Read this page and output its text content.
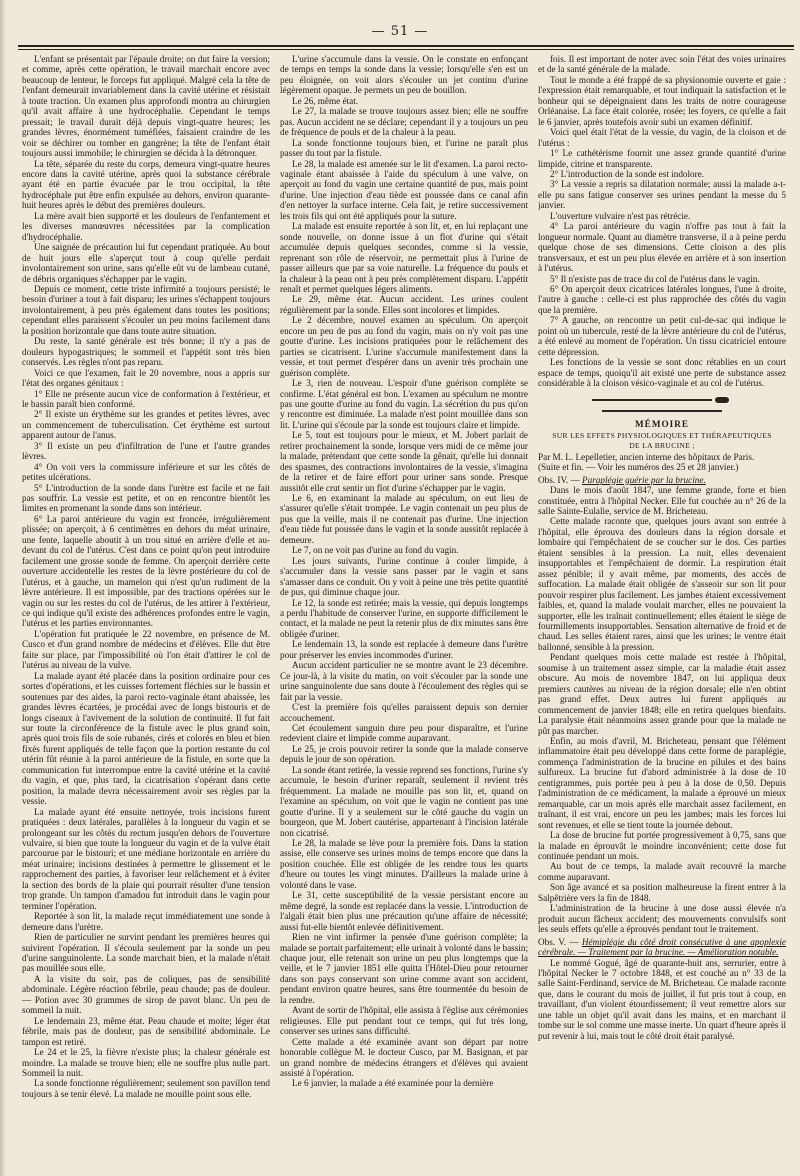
— 51 —

L'enfant se présentait par l'épaule droite; on dut faire la version; et comme, après cette opération, le travail marchait encore avec beaucoup de lenteur, le forceps fut appliqué. Malgré cela la tête de l'enfant demeurait invariablement dans la cavité utérine et résistait à toute traction. Un examen plus approfondi montra au chirurgien qu'il avait affaire à une hydrocéphalie. Cependant le temps pressait; le travail durait déjà depuis vingt-quatre heures; les grandes lèvres, énormément tuméfiées, faisaient craindre de les voir se déchirer ou tomber en gangrène; la tête de l'enfant était toujours aussi immobile; le chirurgien se décida à la détronquer.

La tête, séparée du reste du corps, demeura vingt-quatre heures encore dans la cavité utérine, après quoi la substance cérébrale ayant été en partie évacuée par le trou occipital, la tête hydrocéphale put être enfin expulsée au dehors, environ quarante-huit heures après le début des premières douleurs.

La mère avait bien supporté et les douleurs de l'enfantement et les diverses manœuvres nécessitées par la complication d'hydrocéphalie.

Une saignée de précaution lui fut cependant pratiquée. Au bout de huit jours elle s'aperçut tout à coup qu'elle perdait involontairement son urine, sans qu'elle eût vu de lambeau cutané, de débris organiques s'échapper par le vagin.

Depuis ce moment, cette triste infirmité a toujours persisté; le besoin d'uriner a tout à fait disparu; les urines s'échappent toujours involontairement, à peu près également dans toutes les positions; cependant elles paraissent s'écouler un peu moins facilement dans la position horizontale que dans toute autre situation.

Du reste, la santé générale est très bonne; il n'y a pas de douleurs hypogastriques; le sommeil et l'appétit sont très bien conservés. Les règles n'ont pas reparu.

Voici ce que l'examen, fait le 20 novembre, nous a appris sur l'état des organes génitaux :

1° Elle ne présente aucun vice de conformation à l'extérieur, et le bassin paraît bien conformé.

2° Il existe un érythème sur les grandes et petites lèvres, avec un commencement de tuberculisation. Cet érythème est surtout apparent autour de l'anus.

3° Il existe un peu d'infiltration de l'une et l'autre grandes lèvres.

4° On voit vers la commissure inférieure et sur les côtés de petites ulcérations.

5° L'introduction de la sonde dans l'urètre est facile et ne fait pas souffrir. La vessie est petite, et on en rencontre bientôt les limites en promenant la sonde dans son intérieur.

6° La paroi antérieure du vagin est froncée, irrégulièrement plissée; on aperçoit, à 6 centimètres en dehors du méat urinaire, une fente, laquelle aboutit à un trou situé en arrière d'elle et au-devant du col de l'utérus. C'est dans ce point qu'on peut introduire facilement une grosse sonde de femme. On aperçoit derrière cette ouverture accidentelle les restes de la lèvre postérieure du col de l'utérus, et à gauche, un mamelon qui n'est qu'un rudiment de la lèvre antérieure. Il est impossible, par des tractions opérées sur le vagin ou sur les restes du col de l'utérus, de les attirer à l'extérieur, ce qui indique qu'il existe des adhérences profondes entre le vagin, l'utérus et les parties environnantes.

L'opération fut pratiquée le 22 novembre, en présence de M. Cusco et d'un grand nombre de médecins et d'élèves. Elle dut être faite sur place, par l'impossibilité où l'on était d'attirer le col de l'utérus au niveau de la vulve.

La malade ayant été placée dans la position ordinaire pour ces sortes d'opérations, et les cuisses fortement fléchies sur le bassin et soutenues par des aides, la paroi recto-vaginale étant abaissée, les grandes lèvres écartées, je procédai avec de longs bistouris et de longs ciseaux à l'avivement de la solution de continuité. Il fut fait sur toute la circonférence de la fistule avec le plus grand soin, après quoi trois fils de soie rubanés, cirés et colorés en bleu et bien fixés furent appliqués de telle façon que la portion restante du col utérin fût réunie à la paroi antérieure de la fistule, en sorte que la communication fut interrompue entre la cavité utérine et la cavité du vagin, et que, plus tard, la cicatrisation s'opérant dans cette position, la malade devra nécessairement avoir ses règles par la vessie.

La malade ayant été ensuite nettoyée, trois incisions furent pratiquées : deux latérales, parallèles à la longueur du vagin et se prolongeant sur les côtés du rectum jusqu'en dehors de l'ouverture vulvaire, si bien que toute la longueur du vagin et de la vulve était parcourue par le bistouri; et une médiane horizontale en arrière du méat urinaire; incisions destinées à permettre le glissement et le rapprochement des parties, à favoriser leur relâchement et à éviter la section des bords de la plaie qui pourrait résulter d'une tension trop grande. Un tampon d'amadou fut introduit dans le vagin pour terminer l'opération.

Reportée à son lit, la malade reçut immédiatement une sonde à demeure dans l'urètre.

Rien de particulier ne survint pendant les premières heures qui suivirent l'opération. Il s'écoula seulement par la sonde un peu d'urine sanguinolente. La sonde marchait bien, et la malade n'était pas mouillée sous elle.

A la visite du soir, pas de coliques, pas de sensibilité abdominale. Légère réaction fébrile, peau chaude; pas de douleur. — Potion avec 30 grammes de sirop de pavot blanc. Un peu de sommeil la nuit.

Le lendemain 23, même état. Peau chaude et moite; léger état fébrile, mais pas de douleur, pas de sensibilité abdominale. Le tampon est retiré.

Le 24 et le 25, la fièvre n'existe plus; la chaleur générale est moindre. La malade se trouve bien; elle ne souffre plus nulle part. Sommeil la nuit.

La sonde fonctionne régulièrement; seulement son pavillon tend toujours à se tenir élevé. La malade ne mouille point sous elle.

L'urine s'accumule dans la vessie. On le constate en enfonçant de temps en temps la sonde dans la vessie; lorsqu'elle s'en est un peu éloignée, on voit alors s'écouler un jet continu d'urine légèrement opaque. Je permets un peu de bouillon.

Le 26, même état.

Le 27, la malade se trouve toujours assez bien; elle ne souffre pas. Aucun accident ne se déclare; cependant il y a toujours un peu de fréquence de pouls et de la chaleur à la peau.

La sonde fonctionne toujours bien, et l'urine ne paraît plus passer du tout par la fistule.

Le 28, la malade est amenée sur le lit d'examen. La paroi recto-vaginale étant abaissée à l'aide du spéculum à une valve, on aperçoit au fond du vagin une certaine quantité de pus, mais point d'urine. Une injection d'eau tiède est poussée dans ce canal afin d'en nettoyer la surface interne. Cela fait, je retire successivement les trois fils qui ont été appliqués pour la suture.

La malade est ensuite reportée à son lit, et, en lui replaçant une sonde nouvelle, on donne issue à un flot d'urine qui s'était accumulée depuis quelques secondes, comme si la vessie, reprenant son rôle de réservoir, ne permettait plus à l'urine de passer ailleurs que par sa voie naturelle. La fréquence du pouls et la chaleur à la peau ont à peu près complètement disparu. L'appétit renaît et permet quelques légers aliments.

Le 29, même état. Aucun accident. Les urines coulent régulièrement par la sonde. Elles sont incolores et limpides.

Le 2 décembre, nouvel examen au spéculum. On aperçoit encore un peu de pus au fond du vagin, mais on n'y voit pas une goutte d'urine. Les incisions pratiquées pour le relâchement des parties se cicatrisent. L'urine s'accumule manifestement dans la vessie, et tout permet d'espérer dans un avenir très prochain une guérison complète.

Le 3, rien de nouveau. L'espoir d'une guérison complète se confirme. L'état général est bon. L'examen au spéculum ne montre pas une goutte d'urine au fond du vagin. La sécrétion du pus qu'on y rencontre est diminuée. La malade n'est point mouillée dans son lit. L'urine qui s'écoule par la sonde est toujours claire et limpide.

Le 5, tout est toujours pour le mieux, et M. Jobert parlait de retirer prochainement la sonde, lorsque vers midi de ce même jour la malade, prétendant que cette sonde la gênait, qu'elle lui donnait des spasmes, des contractions involontaires de la vessie, s'imagina de la retirer et de faire effort pour uriner sans sonde. Presque aussitôt elle crut sentir un flot d'urine s'échapper par le vagin.

Le 6, en examinant la malade au spéculum, on eut lieu de s'assurer qu'elle s'était trompée. Le vagin contenait un peu plus de pus que la veille, mais il ne contenait pas d'urine. Une injection d'eau tiède fut poussée dans le vagin et la sonde aussitôt replacée à demeure.

Le 7, on ne voit pas d'urine au fond du vagin.

Les jours suivants, l'urine continue à couler limpide, à s'accumuler dans la vessie sans passer par le vagin et sans s'amasser dans ce conduit. On y voit à peine une très petite quantité de pus, qui diminue chaque jour.

Le 12, la sonde est retirée; mais la vessie, qui depuis longtemps a perdu l'habitude de conserver l'urine, en supporte difficilement le contact, et la malade ne peut la retenir plus de dix minutes sans être obligée d'uriner.

Le lendemain 13, la sonde est replacée à demeure dans l'urètre pour préserver les envies incommodes d'uriner.

Aucun accident particulier ne se montre avant le 23 décembre. Ce jour-là, à la visite du matin, on voit s'écouler par la sonde une urine sanguinolente due sans doute à l'écoulement des règles qui se fait par la vessie.

C'est la première fois qu'elles paraissent depuis son dernier accouchement.

Cet écoulement sanguin dure peu pour disparaître, et l'urine redevient claire et limpide comme auparavant.

Le 25, je crois pouvoir retirer la sonde que la malade conserve depuis le jour de son opération.

La sonde étant retirée, la vessie reprend ses fonctions, l'urine s'y accumule, le besoin d'uriner reparaît, seulement il revient très fréquemment. La malade ne mouille pas son lit, et, quand on l'examine au spéculum, on voit que le vagin ne contient pas une goutte d'urine. Il y a seulement sur le côté gauche du vagin un bourgeon, que M. Jobert cautérise, appartenant à l'incision latérale non cicatrisé.

Le 28, la malade se lève pour la première fois. Dans la station assise, elle conserve ses urines moins de temps encore que dans la position couchée. Elle est obligée de les rendre tous les quarts d'heure ou toutes les vingt minutes. D'ailleurs la malade urine à volonté dans le vase.

Le 31, cette susceptibilité de la vessie persistant encore au même degré, la sonde est replacée dans la vessie. L'introduction de l'algali était bien plus une précaution qu'une affaire de nécessité; aussi fut-elle bientôt enlevée définitivement.

Rien ne vint infirmer la pensée d'une guérison complète; la malade se portait parfaitement; elle urinait à volonté dans le bassin; chaque jour, elle retenait son urine un peu plus longtemps que la veille, et le 7 janvier 1851 elle quitta l'Hôtel-Dieu pour retourner dans son pays conservant son urine comme avant son accident, pendant environ quatre heures, sans être tourmentée du besoin de la rendre.

Avant de sortir de l'hôpital, elle assista à l'église aux cérémonies religieuses. Elle put pendant tout ce temps, qui fut très long, conserver ses urines sans difficulté.

Cette malade a été examinée avant son départ par notre honorable collègue M. le docteur Cusco, par M. Basignan, et par un grand nombre de médecins étrangers et d'élèves qui avaient assisté à l'opération.

Le 6 janvier, la malade a été examinée pour la dernière

fois. Il est important de noter avec soin l'état des voies urinaires et de la santé générale de la malade.

Tout le monde a été frappé de sa physionomie ouverte et gaie : l'expression était remarquable, et tout indiquait la satisfaction et le bonheur qui se dépeignaient dans les traits de notre courageuse Orléanaise. La face était colorée, rosée; les foyers, ce qu'elle a fait le 6 janvier, après toutefois avoir subi un examen définitif.

Voici quel était l'état de la vessie, du vagin, de la cloison et de l'utérus :

1° Le cathétérisme fournit une assez grande quantité d'urine limpide, citrine et transparente.

2° L'introduction de la sonde est indolore.

3° La vessie a repris sa dilatation normale; aussi la malade a-t-elle pu sans fatigue conserver ses urines pendant la messe du 5 janvier.

L'ouverture vulvaire n'est pas rétrécie.

4° La paroi antérieure du vagin n'offre pas tout à fait la longueur normale. Quant au diamètre transverse, il a à peine perdu quelque chose de ses dimensions. Cette cloison a des plis transversaux, et est un peu plus élevée en arrière et à son insertion à l'utérus.

5° Il n'existe pas de trace du col de l'utérus dans le vagin.

6° On aperçoit deux cicatrices latérales longues, l'une à droite, l'autre à gauche : celle-ci est plus rapprochée des côtés du vagin que la première.

7° A gauche, on rencontre un petit cul-de-sac qui indique le point où un tubercule, resté de la lèvre antérieure du col de l'utérus, a été enlevé au moment de l'opération. Un tissu cicatriciel entoure cette dépression.

Les fonctions de la vessie se sont donc rétablies en un court espace de temps, quoiqu'il ait existé une perte de substance assez considérable à la cloison vésico-vaginale et au col de l'utérus.

MÉMOIRE

SUR LES EFFETS PHYSIOLOGIQUES ET THÉRAPEUTIQUES

DE LA BRUCINE ;

Par M. L. Lepelletier, ancien interne des hôpitaux de Paris.

(Suite et fin. — Voir les numéros des 25 et 28 janvier.)

Obs. IV. — Paraplégie guérie par la brucine.

Dans le mois d'août 1847, une femme grande, forte et bien constituée, entra à l'hôpital Necker. Elle fut couchée au n° 26 de la salle Sainte-Eulalie, service de M. Bricheteau.

Cette malade raconte que, quelques jours avant son entrée à l'hôpital, elle éprouva des douleurs dans la région dorsale et lombaire qui l'empêchaient de se coucher sur le dos. Ces parties étaient sensibles à la pression. La nuit, elles devenaient insupportables et l'empêchaient de dormir. La respiration était assez pénible; il y avait même, par moments, des accès de suffocation. La malade était obligée de s'asseoir sur son lit pour pouvoir respirer plus facilement. Les jambes étaient excessivement faibles, et, quand la malade voulait marcher, elles ne pouvaient la supporter, elle les traînait continuellement; elles étaient le siège de fourmillements insupportables. Sensation alternative de froid et de chaud. Les selles étaient rares, ainsi que les urines; le ventre était ballonné, sensible à la pression.

Pendant quelques mois cette malade est restée à l'hôpital, soumise à un traitement assez simple, car la maladie était assez obscure. Au mois de novembre 1847, on lui appliqua deux premiers cautères au niveau de la région dorsale; elle n'en obtint pas grand effet. Deux autres lui furent appliqués au commencement de janvier 1848; elle en retira quelques bienfaits. La paralysie était néanmoins assez grande pour que la malade ne pût pas marcher.

Enfin, au mois d'avril, M. Bricheteau, pensant que l'élément inflammatoire était peu développé dans cette forme de paraplégie, commença l'administration de la brucine en pilules et des bains sulfureux. La brucine fut d'abord administrée à la dose de 10 centigrammes, puis portée peu à peu à la dose de 0,50. Depuis l'administration de ce médicament, la malade a éprouvé un mieux remarquable, car un mois après elle marchait assez facilement, en traînant, il est vrai, encore un peu les jambes; mais les forces lui sont revenues, et elle se tient toute la journée debout.

La dose de brucine fut portée progressivement à 0,75, sans que la malade en éprouvât le moindre inconvénient; cette dose fut continuée pendant un mois.

Au bout de ce temps, la malade avait recouvré la marche comme auparavant.

Son âge avancé et sa position malheureuse la firent entrer à la Salpêtrière vers la fin de 1848.

L'administration de la brucine à une dose aussi élevée n'a produit aucun fâcheux accident; des mouvements convulsifs sont les seuls effets qu'elle a éprouvés pendant tout le traitement.

Obs. V. — Hémiplégie du côté droit consécutive à une apoplexie cérébrale. — Traitement par la brucine. — Amélioration notable.

Le nommé Gogué, âgé de quarante-huit ans, serrurier, entre à l'hôpital Necker le 7 octobre 1848, et est couché au n° 33 de la salle Saint-Ferdinand, service de M. Bricheteau. Ce malade raconte que, dans le courant du mois de juillet, il fut pris tout à coup, en travaillant, d'un violent étourdissement; il veut remettre alors sur une table un objet qu'il avait dans les mains, et en marchant il tombe sur le sol comme une masse inerte. Un quart d'heure après il put revenir à lui, mais tout le côté droit était paralysé.
